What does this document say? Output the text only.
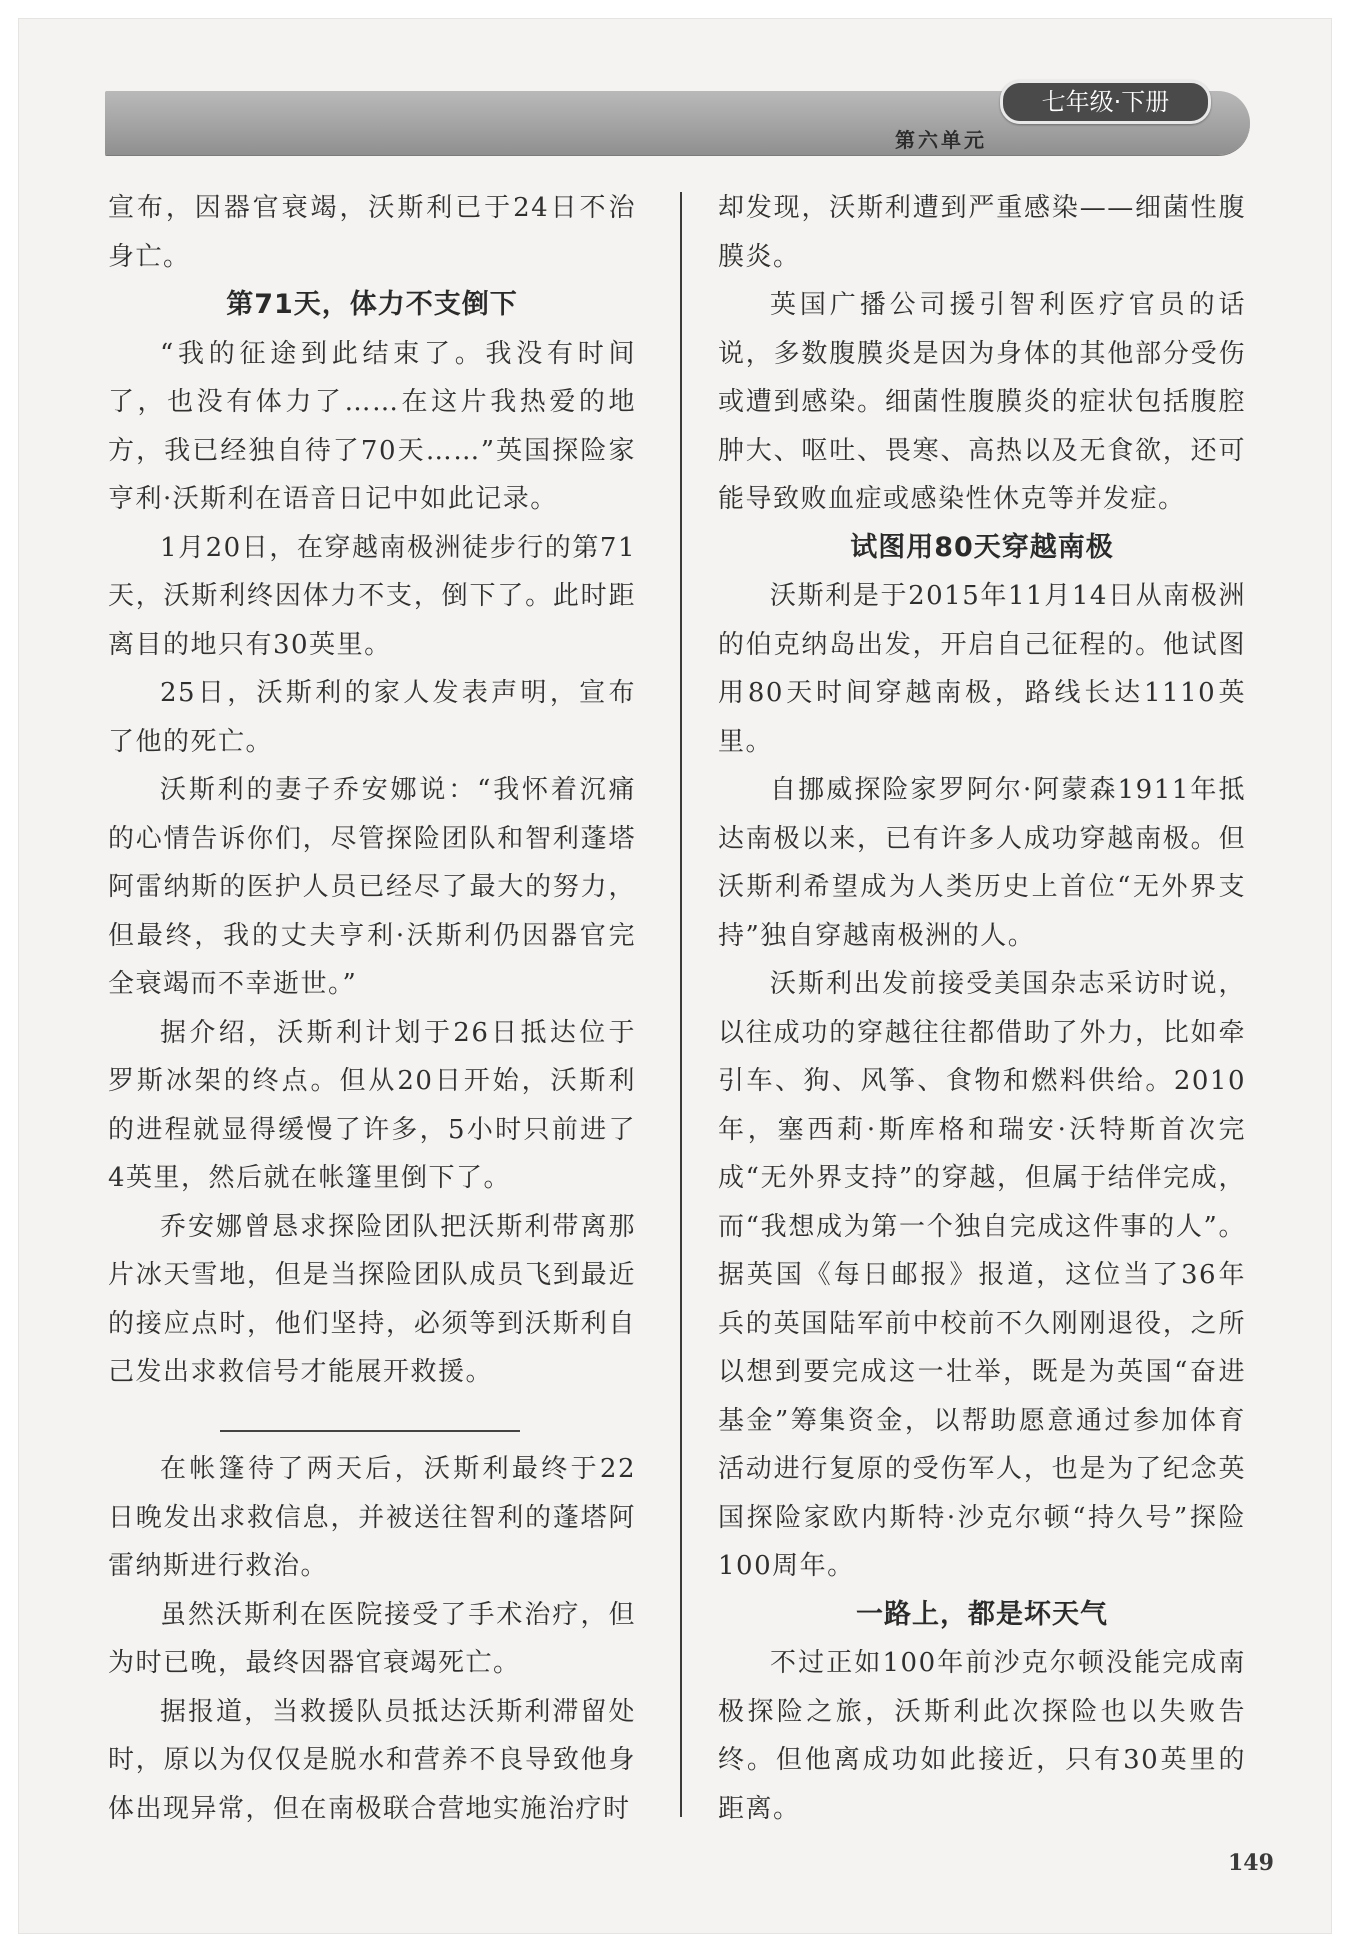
七年级·下册
第六单元

宣布，因器官衰竭，沃斯利已于24日不治身亡。

第71天，体力不支倒下

“我的征途到此结束了。我没有时间了，也没有体力了……在这片我热爱的地方，我已经独自待了70天……”英国探险家亨利·沃斯利在语音日记中如此记录。

1月20日，在穿越南极洲徒步行的第71天，沃斯利终因体力不支，倒下了。此时距离目的地只有30英里。

25日，沃斯利的家人发表声明，宣布了他的死亡。

沃斯利的妻子乔安娜说：“我怀着沉痛的心情告诉你们，尽管探险团队和智利蓬塔阿雷纳斯的医护人员已经尽了最大的努力，但最终，我的丈夫亨利·沃斯利仍因器官完全衰竭而不幸逝世。”

据介绍，沃斯利计划于26日抵达位于罗斯冰架的终点。但从20日开始，沃斯利的进程就显得缓慢了许多，5小时只前进了4英里，然后就在帐篷里倒下了。

乔安娜曾恳求探险团队把沃斯利带离那片冰天雪地，但是当探险团队成员飞到最近的接应点时，他们坚持，必须等到沃斯利自己发出求救信号才能展开救援。

在帐篷待了两天后，沃斯利最终于22日晚发出求救信息，并被送往智利的蓬塔阿雷纳斯进行救治。

虽然沃斯利在医院接受了手术治疗，但为时已晚，最终因器官衰竭死亡。

据报道，当救援队员抵达沃斯利滞留处时，原以为仅仅是脱水和营养不良导致他身体出现异常，但在南极联合营地实施治疗时

却发现，沃斯利遭到严重感染——细菌性腹膜炎。

英国广播公司援引智利医疗官员的话说，多数腹膜炎是因为身体的其他部分受伤或遭到感染。细菌性腹膜炎的症状包括腹腔肿大、呕吐、畏寒、高热以及无食欲，还可能导致败血症或感染性休克等并发症。

试图用80天穿越南极

沃斯利是于2015年11月14日从南极洲的伯克纳岛出发，开启自己征程的。他试图用80天时间穿越南极，路线长达1110英里。

自挪威探险家罗阿尔·阿蒙森1911年抵达南极以来，已有许多人成功穿越南极。但沃斯利希望成为人类历史上首位“无外界支持”独自穿越南极洲的人。

沃斯利出发前接受美国杂志采访时说，以往成功的穿越往往都借助了外力，比如牵引车、狗、风筝、食物和燃料供给。2010年，塞西莉·斯库格和瑞安·沃特斯首次完成“无外界支持”的穿越，但属于结伴完成，而“我想成为第一个独自完成这件事的人”。据英国《每日邮报》报道，这位当了36年兵的英国陆军前中校前不久刚刚退役，之所以想到要完成这一壮举，既是为英国“奋进基金”筹集资金，以帮助愿意通过参加体育活动进行复原的受伤军人，也是为了纪念英国探险家欧内斯特·沙克尔顿“持久号”探险100周年。

一路上，都是坏天气

不过正如100年前沙克尔顿没能完成南极探险之旅，沃斯利此次探险也以失败告终。但他离成功如此接近，只有30英里的距离。

149
